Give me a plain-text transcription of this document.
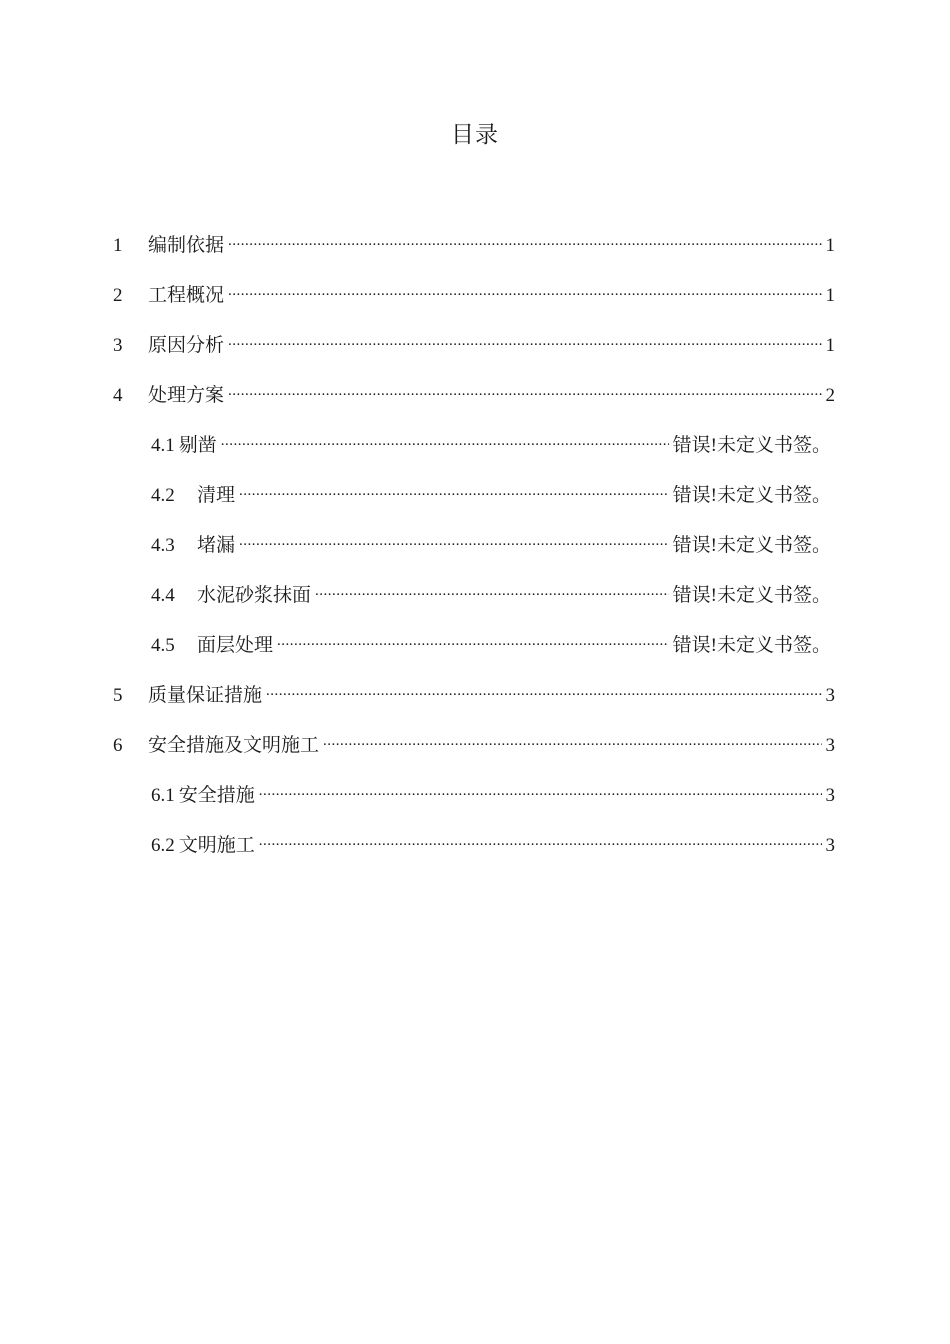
目录
1	编制依据 .....	1
2	工程概况 .....	1
3	原因分析 .....	1
4	处理方案 .....	2
4.1 剔凿 .....	错误!未定义书签。
4.2	清理 .....	错误!未定义书签。
4.3	堵漏 .....	错误!未定义书签。
4.4	水泥砂浆抹面 .....	错误!未定义书签。
4.5	面层处理 .....	错误!未定义书签。
5	质量保证措施 .....	3
6	安全措施及文明施工 .....	3
6.1 安全措施 .....	3
6.2 文明施工 .....	3
